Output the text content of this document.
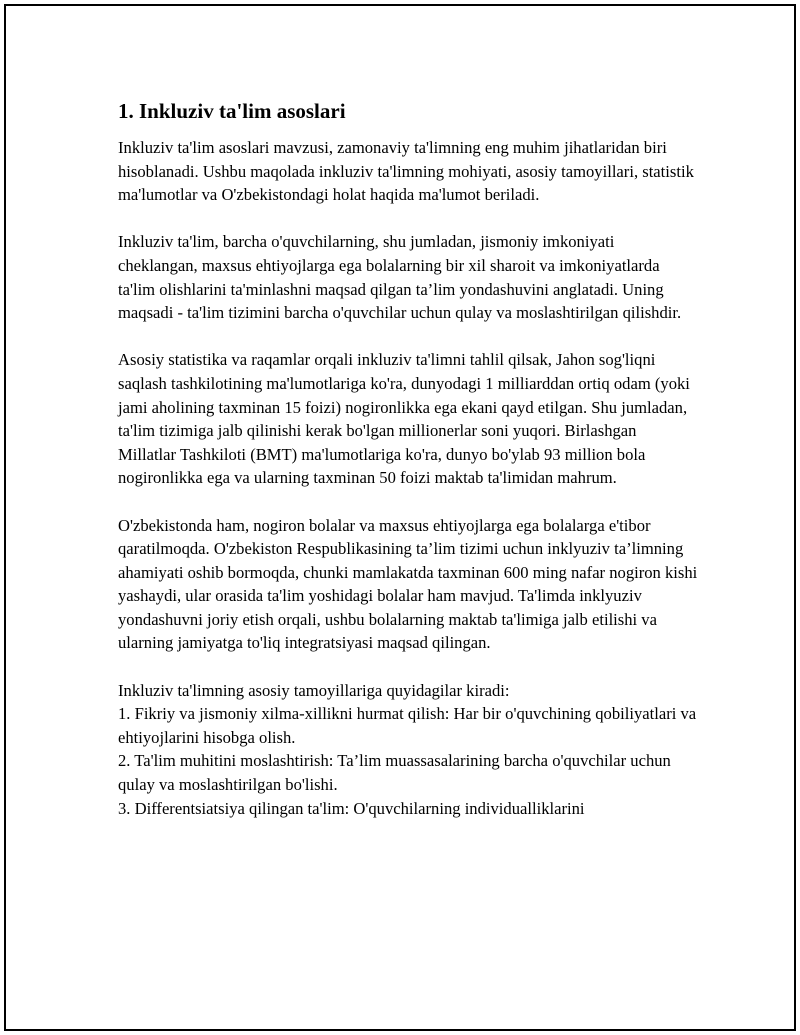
1. Inkluziv ta'lim asoslari

Inkluziv ta'lim asoslari mavzusi, zamonaviy ta'limning eng muhim jihatlaridan biri hisoblanadi. Ushbu maqolada inkluziv ta'limning mohiyati, asosiy tamoyillari, statistik ma'lumotlar va O'zbekistondagi holat haqida ma'lumot beriladi.

Inkluziv ta'lim, barcha o'quvchilarning, shu jumladan, jismoniy imkoniyati cheklangan, maxsus ehtiyojlarga ega bolalarning bir xil sharoit va imkoniyatlarda ta'lim olishlarini ta'minlashni maqsad qilgan ta’lim yondashuvini anglatadi. Uning maqsadi - ta'lim tizimini barcha o'quvchilar uchun qulay va moslashtirilgan qilishdir.

Asosiy statistika va raqamlar orqali inkluziv ta'limni tahlil qilsak, Jahon sog'liqni saqlash tashkilotining ma'lumotlariga ko'ra, dunyodagi 1 milliarddan ortiq odam (yoki jami aholining taxminan 15 foizi) nogironlikka ega ekani qayd etilgan. Shu jumladan, ta'lim tizimiga jalb qilinishi kerak bo'lgan millionerlar soni yuqori. Birlashgan Millatlar Tashkiloti (BMT) ma'lumotlariga ko'ra, dunyo bo'ylab 93 million bola nogironlikka ega va ularning taxminan 50 foizi maktab ta'limidan mahrum.

O'zbekistonda ham, nogiron bolalar va maxsus ehtiyojlarga ega bolalarga e'tibor qaratilmoqda. O'zbekiston Respublikasining ta’lim tizimi uchun inklyuziv ta’limning ahamiyati oshib bormoqda, chunki mamlakatda taxminan 600 ming nafar nogiron kishi yashaydi, ular orasida ta'lim yoshidagi bolalar ham mavjud. Ta'limda inklyuziv yondashuvni joriy etish orqali, ushbu bolalarning maktab ta'limiga jalb etilishi va ularning jamiyatga to'liq integratsiyasi maqsad qilingan.

Inkluziv ta'limning asosiy tamoyillariga quyidagilar kiradi:

1. Fikriy va jismoniy xilma-xillikni hurmat qilish: Har bir o'quvchining qobiliyatlari va ehtiyojlarini hisobga olish.

2. Ta'lim muhitini moslashtirish: Ta’lim muassasalarining barcha o'quvchilar uchun qulay va moslashtirilgan bo'lishi.

3. Differentsiatsiya qilingan ta'lim: O'quvchilarning individualliklarini
